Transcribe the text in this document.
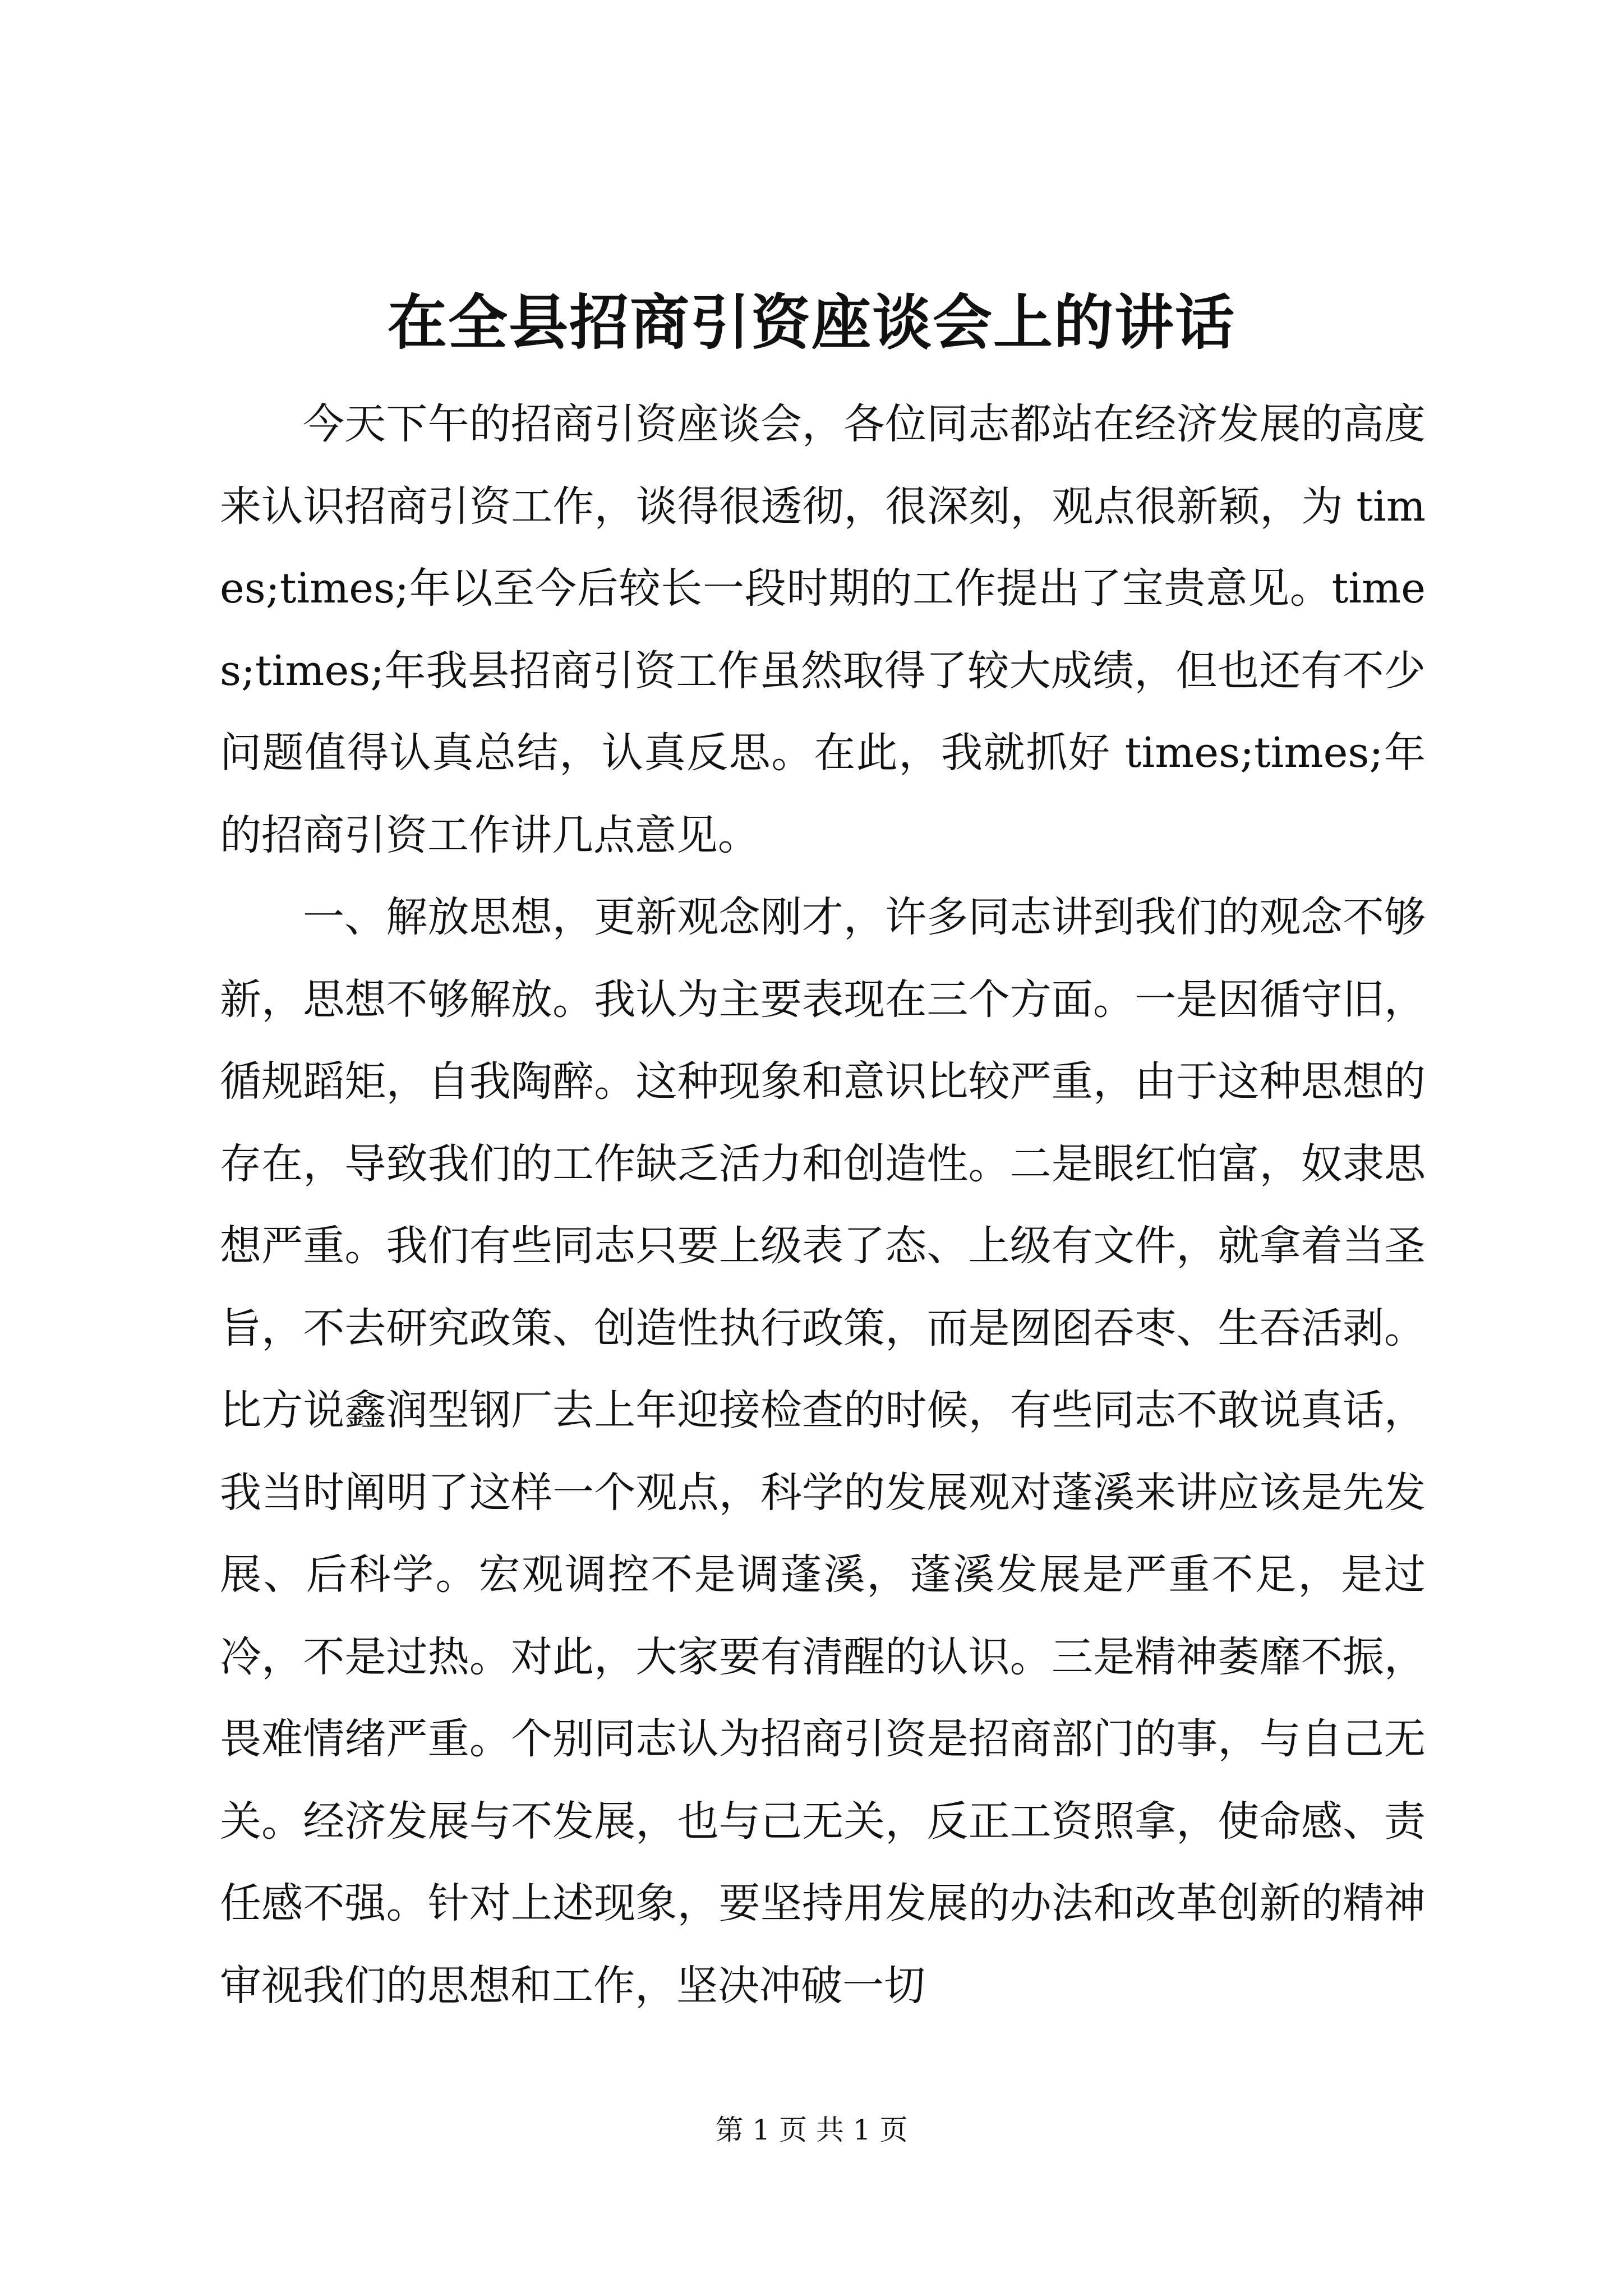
在全县招商引资座谈会上的讲话

今天下午的招商引资座谈会，各位同志都站在经济发展的高度来认识招商引资工作，谈得很透彻，很深刻，观点很新颖，为 times;times;年以至今后较长一段时期的工作提出了宝贵意见。times;times;年我县招商引资工作虽然取得了较大成绩，但也还有不少问题值得认真总结，认真反思。在此，我就抓好 times;times;年的招商引资工作讲几点意见。

一、解放思想，更新观念刚才，许多同志讲到我们的观念不够新，思想不够解放。我认为主要表现在三个方面。一是因循守旧，循规蹈矩，自我陶醉。这种现象和意识比较严重，由于这种思想的存在，导致我们的工作缺乏活力和创造性。二是眼红怕富，奴隶思想严重。我们有些同志只要上级表了态、上级有文件，就拿着当圣旨，不去研究政策、创造性执行政策，而是囫囵吞枣、生吞活剥。比方说鑫润型钢厂去上年迎接检查的时候，有些同志不敢说真话，我当时阐明了这样一个观点，科学的发展观对蓬溪来讲应该是先发展、后科学。宏观调控不是调蓬溪，蓬溪发展是严重不足，是过冷，不是过热。对此，大家要有清醒的认识。三是精神萎靡不振，畏难情绪严重。个别同志认为招商引资是招商部门的事，与自己无关。经济发展与不发展，也与己无关，反正工资照拿，使命感、责任感不强。针对上述现象，要坚持用发展的办法和改革创新的精神审视我们的思想和工作，坚决冲破一切

第 1 页 共 1 页
